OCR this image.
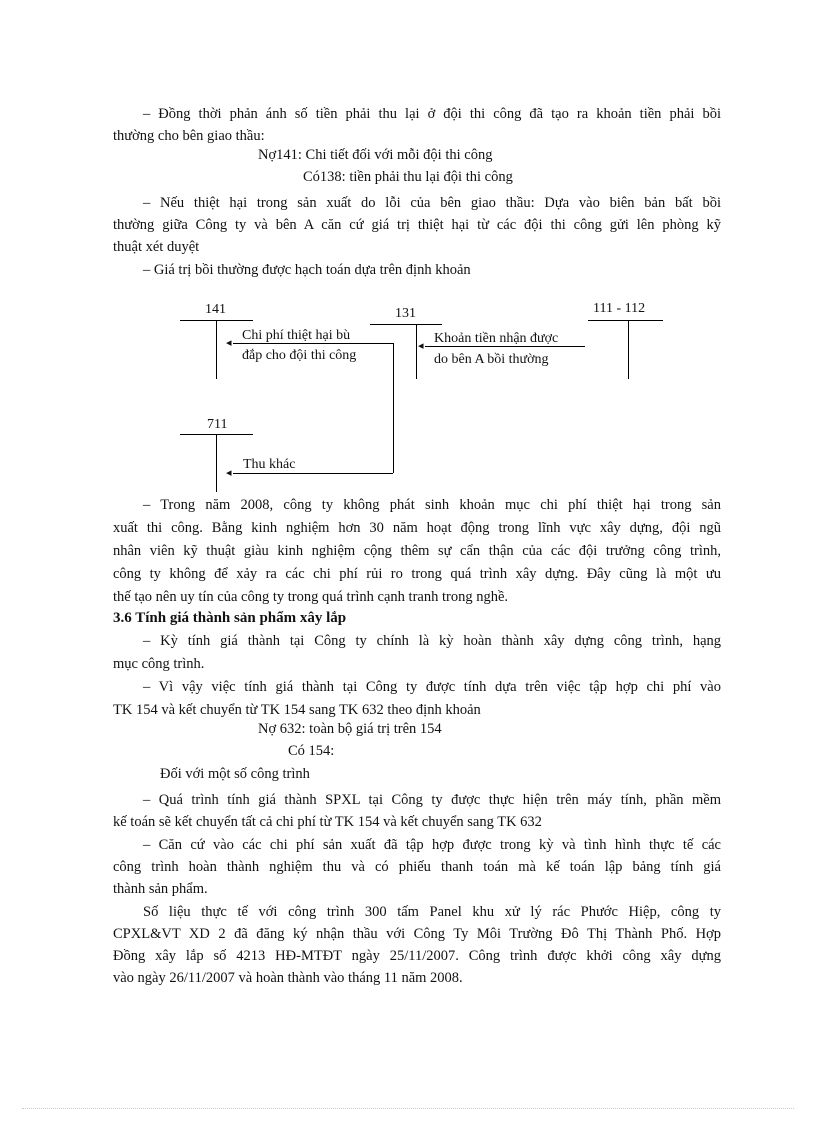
– Đồng thời phản ánh số tiền phải thu lại ở đội thi công đã tạo ra khoản tiền phải bồi
thường cho bên giao thầu:
Nợ141: Chi tiết đối với mỗi đội thi công
Có138: tiền phải thu lại đội thi công
– Nếu thiệt hại trong sản xuất do lỗi của bên giao thầu: Dựa vào biên bản bất bồi
thường giữa Công ty và bên A căn cứ giá trị thiệt hại từ các đội thi công gửi lên phòng kỹ
thuật xét duyệt
– Giá trị bồi thường được hạch toán dựa trên định khoản
141	131	111 - 112
◂ Chi phí thiệt hại bù
đắp cho đội thi công
◂ Khoản tiền nhận được
do bên A bồi thường
711
◂
Thu khác
– Trong năm 2008, công ty không phát sinh khoản mục chi phí thiệt hại trong sản
xuất thi công. Bằng kinh nghiệm hơn 30 năm hoạt động trong lĩnh vực xây dựng, đội ngũ
nhân viên kỹ thuật giàu kinh nghiệm cộng thêm sự cẩn thận của các đội trưởng công trình,
công ty không để xảy ra các chi phí rủi ro trong quá trình xây dựng. Đây cũng là một ưu
thế tạo nên uy tín của công ty trong quá trình cạnh tranh trong nghề.
3.6 Tính giá thành sản phẩm xây lắp
– Kỳ tính giá thành tại Công ty chính là kỳ hoàn thành xây dựng công trình, hạng
mục công trình.
– Vì vậy việc tính giá thành tại Công ty được tính dựa trên việc tập hợp chi phí vào
TK 154 và kết chuyển từ TK 154 sang TK 632 theo định khoản
Nợ 632: toàn bộ giá trị trên 154
Có 154:
Đối với một số công trình
– Quá trình tính giá thành SPXL tại Công ty được thực hiện trên máy tính, phần mềm
kế toán sẽ kết chuyển tất cả chi phí từ TK 154 và kết chuyển sang TK 632
– Căn cứ vào các chi phí sản xuất đã tập hợp được trong kỳ và tình hình thực tế các
công trình hoàn thành nghiệm thu và có phiếu thanh toán mà kế toán lập bảng tính giá
thành sản phẩm.
Số liệu thực tế với công trình 300 tấm Panel khu xử lý rác Phước Hiệp, công ty
CPXL&VT XD 2 đã đăng ký nhận thầu với Công Ty Môi Trường Đô Thị Thành Phố. Hợp
Đồng xây lắp số 4213 HĐ-MTĐT ngày 25/11/2007. Công trình được khởi công xây dựng
vào ngày 26/11/2007 và hoàn thành vào tháng 11 năm 2008.
